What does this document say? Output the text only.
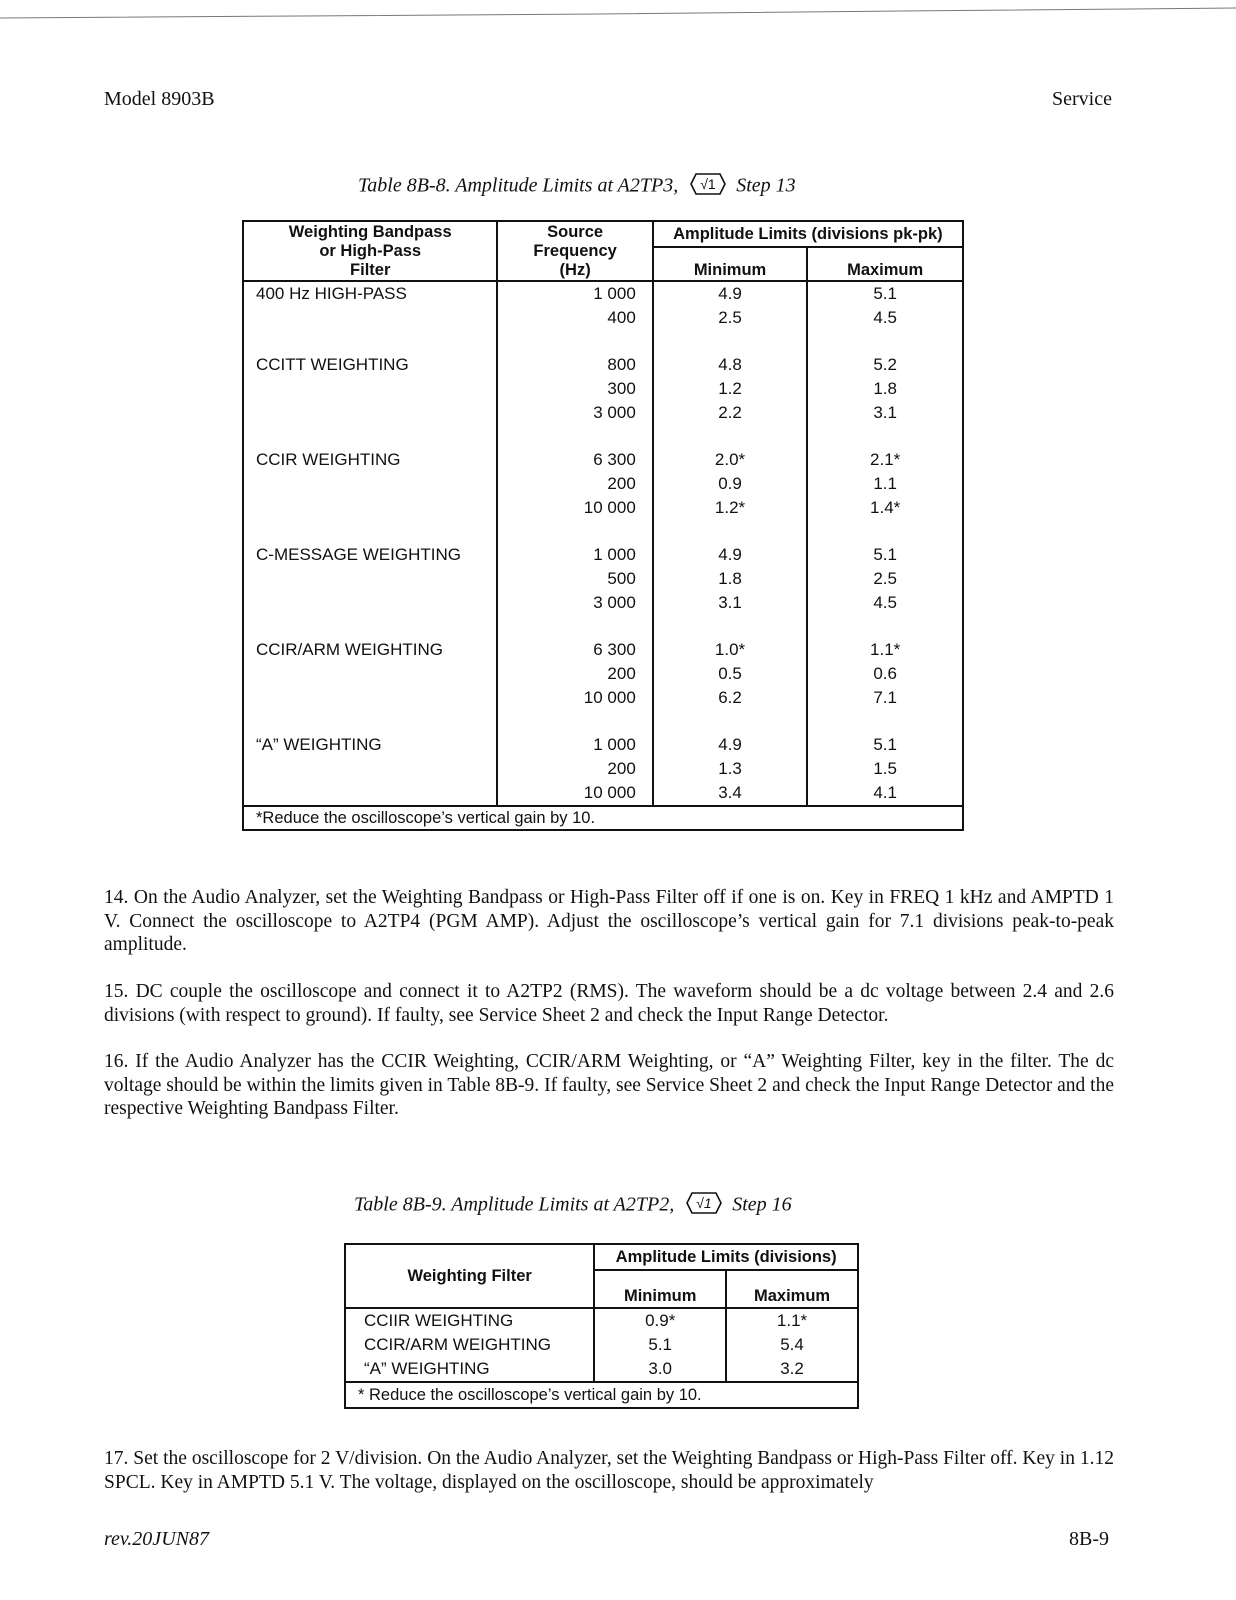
Model 8903B	Service
Table 8B-8. Amplitude Limits at A2TP3, √1 Step 13
Weighting Bandpass
or High-Pass
Filter

Source
Frequency
(Hz)
	Amplitude Limits (divisions pk-pk)
		Minimum	Maximum
400 Hz HIGH-PASS	1 000	4.9	5.1
	400	2.5	4.5

CCITT WEIGHTING	800	4.8	5.2
	300	1.2	1.8
	3 000	2.2	3.1

CCIR WEIGHTING	6 300	2.0*	2.1*
	200	0.9	1.1
	10 000	1.2*	1.4*

C-MESSAGE WEIGHTING	1 000	4.9	5.1
	500	1.8	2.5
	3 000	3.1	4.5

CCIR/ARM WEIGHTING	6 300	1.0*	1.1*
	200	0.5	0.6
	10 000	6.2	7.1

“A” WEIGHTING	1 000	4.9	5.1
	200	1.3	1.5
	10 000	3.4	4.1
*Reduce the oscilloscope’s vertical gain by 10.			
14. On the Audio Analyzer, set the Weighting Bandpass or High-Pass Filter off if one is on. Key in FREQ 1 kHz and AMPTD 1 V. Connect the oscilloscope to A2TP4 (PGM AMP). Adjust the oscilloscope’s vertical gain for 7.1 divisions peak-to-peak amplitude.
15. DC couple the oscilloscope and connect it to A2TP2 (RMS). The waveform should be a dc voltage between 2.4 and 2.6 divisions (with respect to ground). If faulty, see Service Sheet 2 and check the Input Range Detector.
16. If the Audio Analyzer has the CCIR Weighting, CCIR/ARM Weighting, or “A” Weighting Filter, key in the filter. The dc voltage should be within the limits given in Table 8B-9. If faulty, see Service Sheet 2 and check the Input Range Detector and the respective Weighting Bandpass Filter.
Table 8B-9. Amplitude Limits at A2TP2, √1 Step 16
Weighting Filter	Amplitude Limits (divisions)	
	Minimum	Maximum
CCIIR WEIGHTING	0.9*	1.1*
CCIR/ARM WEIGHTING	5.1	5.4
“A” WEIGHTING	3.0	3.2
* Reduce the oscilloscope’s vertical gain by 10.		
17. Set the oscilloscope for 2 V/division. On the Audio Analyzer, set the Weighting Bandpass or High-Pass Filter off. Key in 1.12 SPCL. Key in AMPTD 5.1 V. The voltage, displayed on the oscilloscope, should be approximately
rev.20JUN87	8B-9
